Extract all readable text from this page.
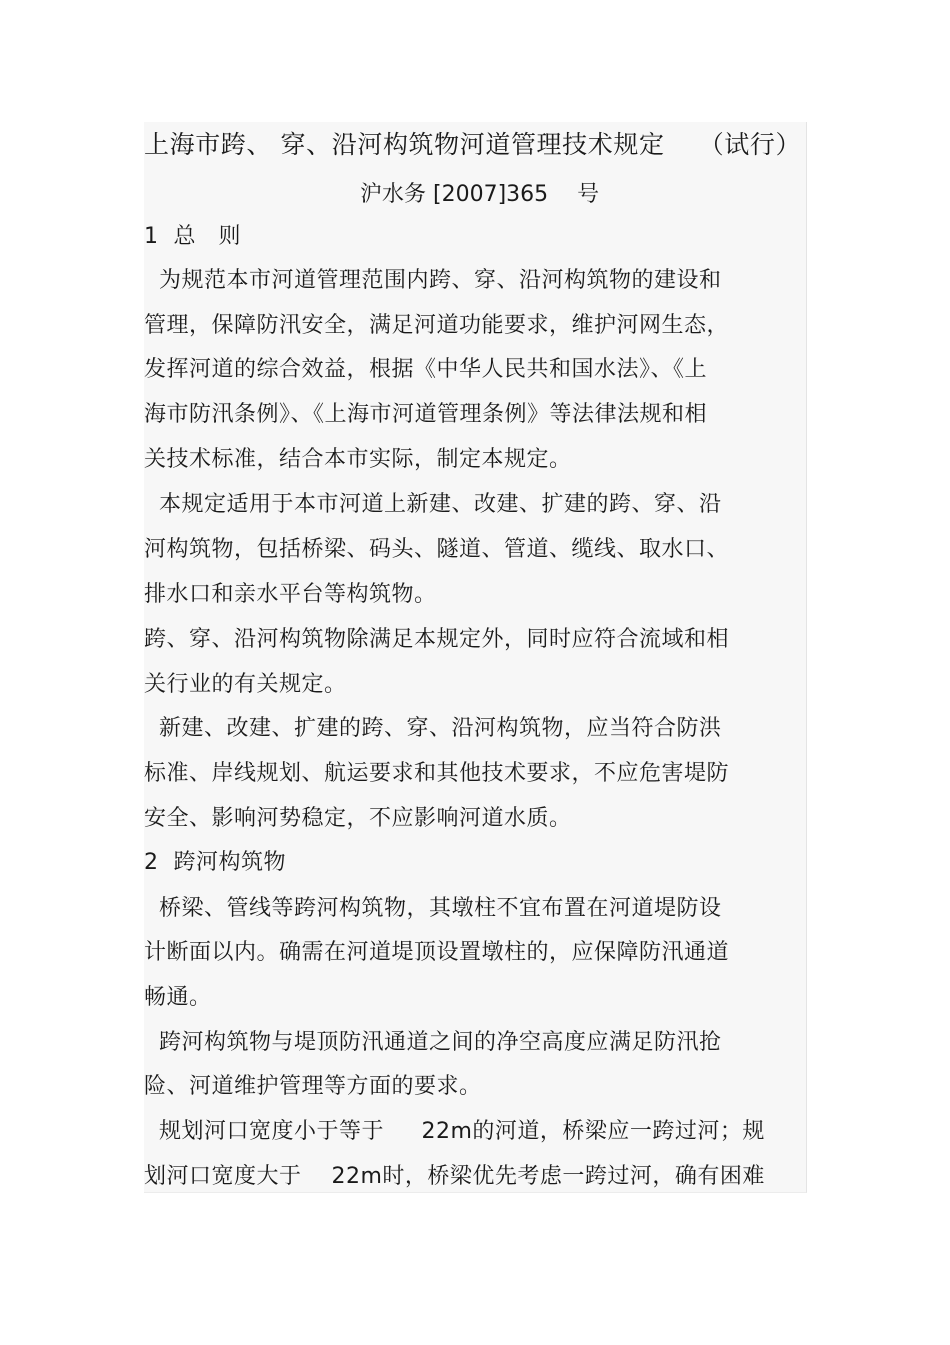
上海市跨、 穿、沿河构筑物河道管理技术规定　 （试行）
沪水务 [2007]365　 号
1  总   则
为规范本市河道管理范围内跨、穿、沿河构筑物的建设和
管理，保障防汛安全，满足河道功能要求，维护河网生态，
发挥河道的综合效益，根据《中华人民共和国水法》、《上
海市防汛条例》、《上海市河道管理条例》等法律法规和相
关技术标准，结合本市实际，制定本规定。
本规定适用于本市河道上新建、改建、扩建的跨、穿、沿
河构筑物，包括桥梁、码头、隧道、管道、缆线、取水口、
排水口和亲水平台等构筑物。
跨、穿、沿河构筑物除满足本规定外，同时应符合流域和相
关行业的有关规定。
新建、改建、扩建的跨、穿、沿河构筑物，应当符合防洪
标准、岸线规划、航运要求和其他技术要求，不应危害堤防
安全、影响河势稳定，不应影响河道水质。
2  跨河构筑物
桥梁、管线等跨河构筑物，其墩柱不宜布置在河道堤防设
计断面以内。确需在河道堤顶设置墩柱的，应保障防汛通道
畅通。
跨河构筑物与堤顶防汛通道之间的净空高度应满足防汛抢
险、河道维护管理等方面的要求。
规划河口宽度小于等于　  22m的河道，桥梁应一跨过河；规
划河口宽度大于　 22m时，桥梁优先考虑一跨过河，确有困难
